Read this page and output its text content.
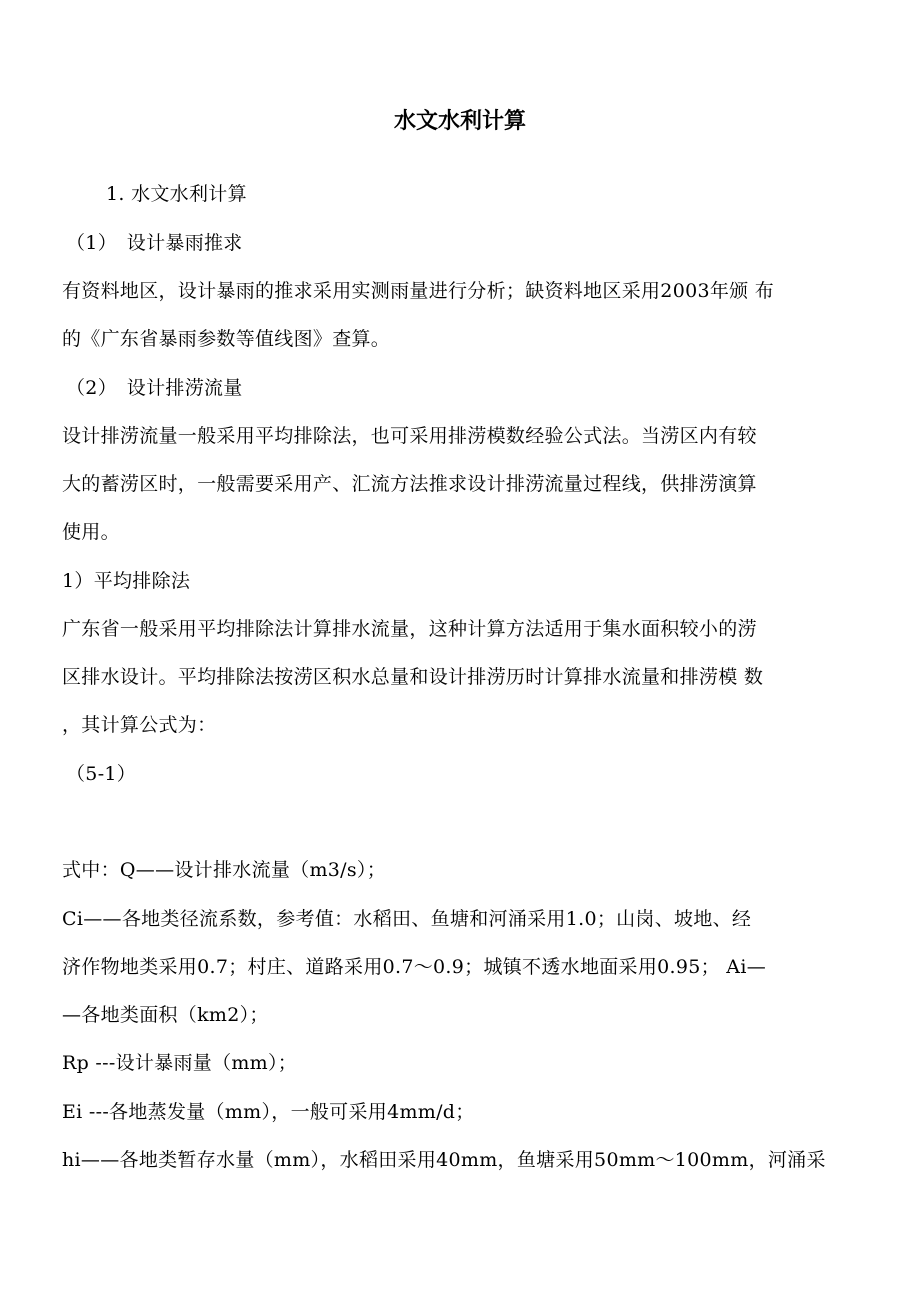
水文水利计算
1. 水文水利计算
（1）　设计暴雨推求
有资料地区，设计暴雨的推求采用实测雨量进行分析；缺资料地区采用2003年颁 布
的《广东省暴雨参数等值线图》查算。
（2）　设计排涝流量
设计排涝流量一般采用平均排除法，也可采用排涝模数经验公式法。当涝区内有较
大的蓄涝区时，一般需要采用产、汇流方法推求设计排涝流量过程线，供排涝演算
使用。
1）平均排除法
广东省一般采用平均排除法计算排水流量，这种计算方法适用于集水面积较小的涝
区排水设计。平均排除法按涝区积水总量和设计排涝历时计算排水流量和排涝模 数
，其计算公式为：
（5-1）
式中：Q——设计排水流量（m3/s）；
Ci——各地类径流系数，参考值：水稻田、鱼塘和河涌采用1.0；山岗、坡地、经
济作物地类采用0.7；村庄、道路采用0.7～0.9；城镇不透水地面采用0.95； Ai—
—各地类面积（km2）；
Rp ---设计暴雨量（mm）；
Ei ---各地蒸发量（mm），一般可采用4mm/d；
hi——各地类暂存水量（mm），水稻田采用40mm，鱼塘采用50mm～100mm，河涌采
